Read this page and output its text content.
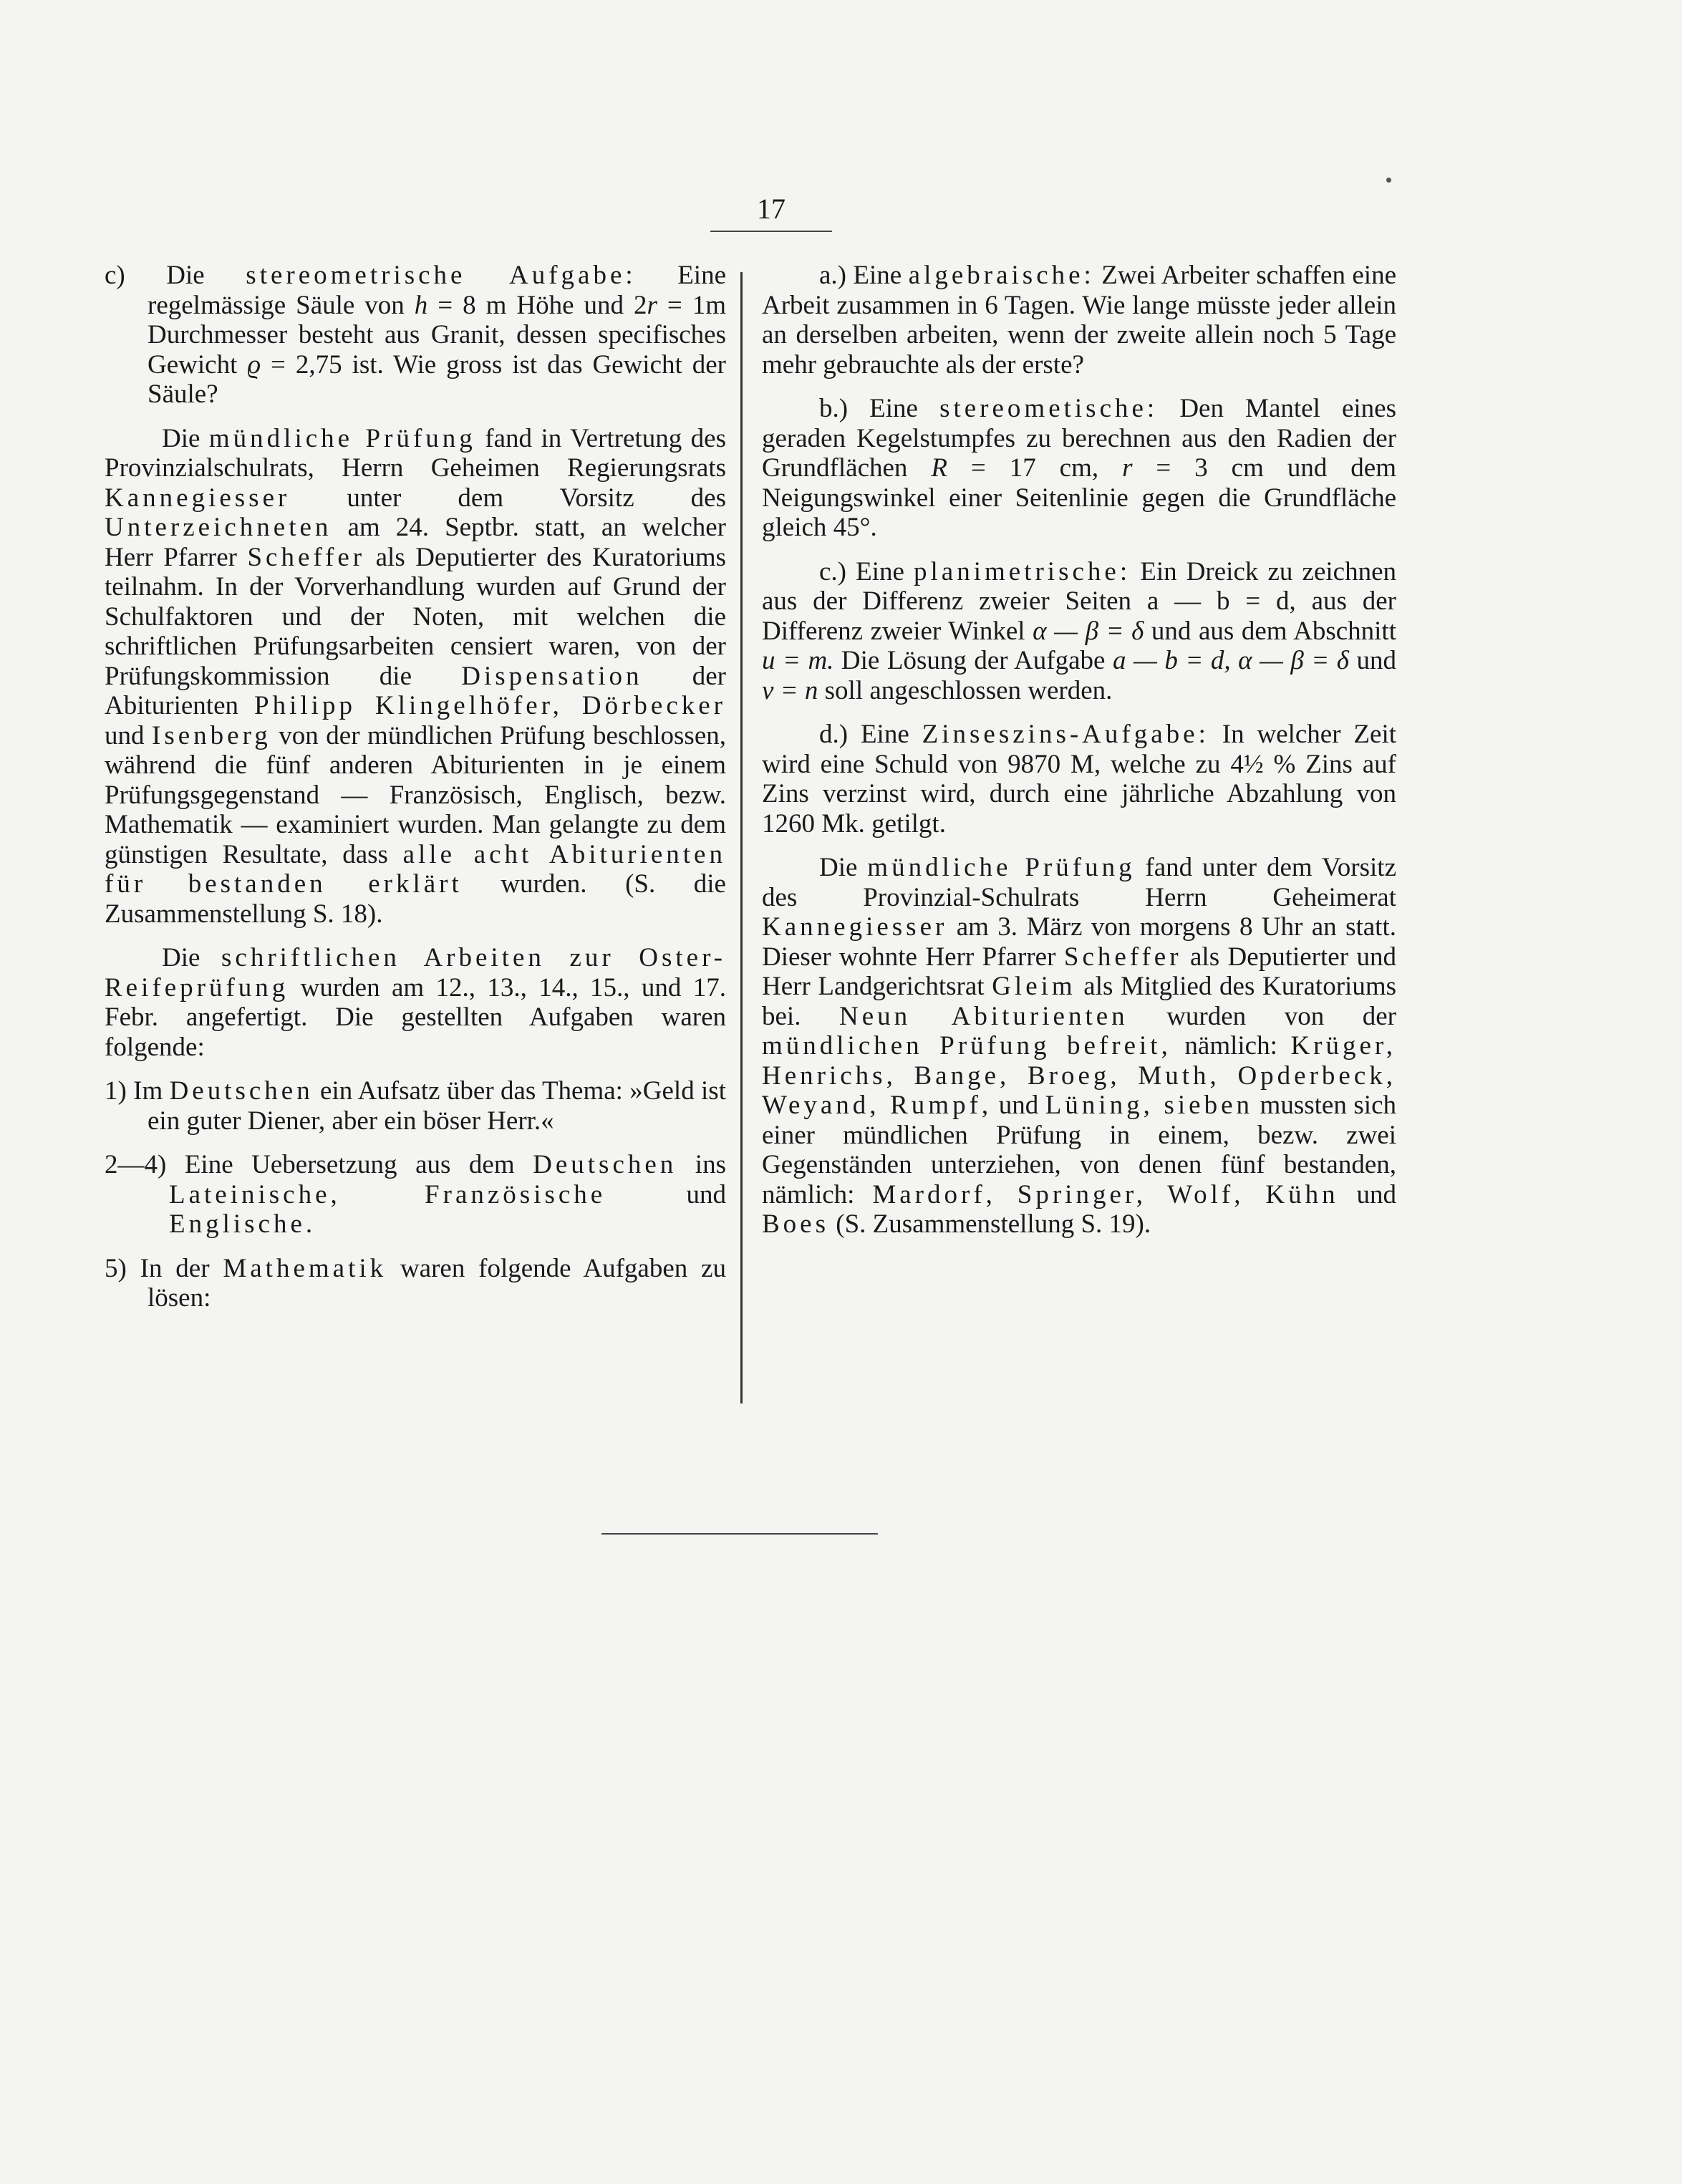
17

c) Die stereometrische Aufgabe: Eine regelmässige Säule von h = 8 m Höhe und 2r = 1m Durchmesser besteht aus Granit, dessen specifisches Gewicht ϱ = 2,75 ist. Wie gross ist das Gewicht der Säule?

Die mündliche Prüfung fand in Vertretung des Provinzialschulrats, Herrn Geheimen Regierungsrats Kannegiesser unter dem Vorsitz des Unterzeichneten am 24. Septbr. statt, an welcher Herr Pfarrer Scheffer als Deputierter des Kuratoriums teilnahm. In der Vorverhandlung wurden auf Grund der Schulfaktoren und der Noten, mit welchen die schriftlichen Prüfungsarbeiten censiert waren, von der Prüfungskommission die Dispensation der Abiturienten Philipp Klingelhöfer, Dörbecker und Isenberg von der mündlichen Prüfung beschlossen, während die fünf anderen Abiturienten in je einem Prüfungsgegenstand — Französisch, Englisch, bezw. Mathematik — examiniert wurden. Man gelangte zu dem günstigen Resultate, dass alle acht Abiturienten für bestanden erklärt wurden. (S. die Zusammenstellung S. 18).

Die schriftlichen Arbeiten zur Oster-Reifeprüfung wurden am 12., 13., 14., 15., und 17. Febr. angefertigt. Die gestellten Aufgaben waren folgende:

1) Im Deutschen ein Aufsatz über das Thema: »Geld ist ein guter Diener, aber ein böser Herr.«

2—4) Eine Uebersetzung aus dem Deutschen ins Lateinische, Französische und Englische.

5) In der Mathematik waren folgende Aufgaben zu lösen:

a.) Eine algebraische: Zwei Arbeiter schaffen eine Arbeit zusammen in 6 Tagen. Wie lange müsste jeder allein an derselben arbeiten, wenn der zweite allein noch 5 Tage mehr gebrauchte als der erste?

b.) Eine stereometische: Den Mantel eines geraden Kegelstumpfes zu berechnen aus den Radien der Grundflächen R = 17 cm, r = 3 cm und dem Neigungswinkel einer Seitenlinie gegen die Grundfläche gleich 45°.

c.) Eine planimetrische: Ein Dreick zu zeichnen aus der Differenz zweier Seiten a — b = d, aus der Differenz zweier Winkel α — β = δ und aus dem Abschnitt u = m. Die Lösung der Aufgabe a — b = d, α — β = δ und v = n soll angeschlossen werden.

d.) Eine Zinseszins-Aufgabe: In welcher Zeit wird eine Schuld von 9870 M, welche zu 4½ % Zins auf Zins verzinst wird, durch eine jährliche Abzahlung von 1260 Mk. getilgt.

Die mündliche Prüfung fand unter dem Vorsitz des Provinzial-Schulrats Herrn Geheimerat Kannegiesser am 3. März von morgens 8 Uhr an statt. Dieser wohnte Herr Pfarrer Scheffer als Deputierter und Herr Landgerichtsrat Gleim als Mitglied des Kuratoriums bei. Neun Abiturienten wurden von der mündlichen Prüfung befreit, nämlich: Krüger, Henrichs, Bange, Broeg, Muth, Opderbeck, Weyand, Rumpf, und Lüning, sieben mussten sich einer mündlichen Prüfung in einem, bezw. zwei Gegenständen unterziehen, von denen fünf bestanden, nämlich: Mardorf, Springer, Wolf, Kühn und Boes (S. Zusammenstellung S. 19).
